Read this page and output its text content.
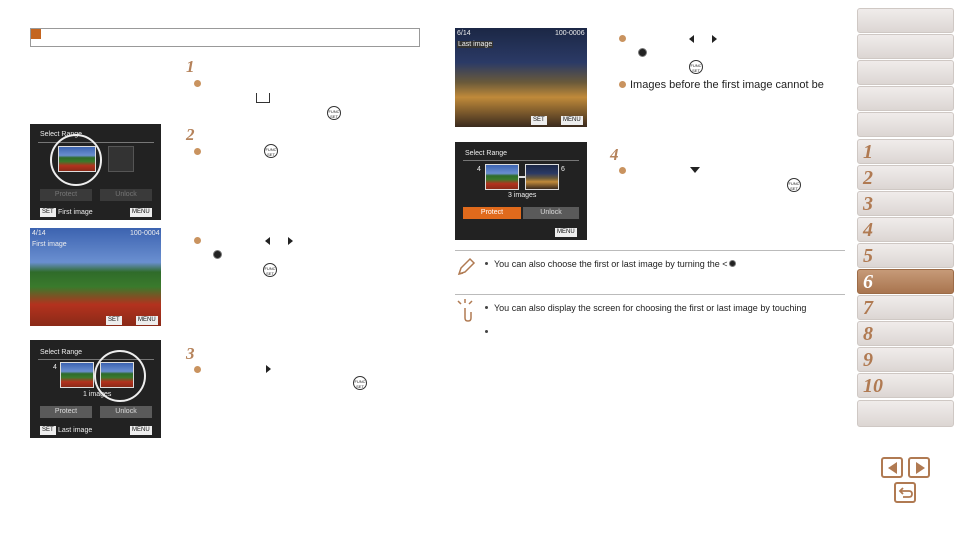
1
FUNC SET
Select Range
Protect	Unlock
SET First image	MENU
2
FUNC SET
4/14	100-0004
First image
SET	MENU
FUNC SET
Select Range
4
1 images
Protect	Unlock
SET Last image	MENU
3
FUNC SET
6/14	100-0006
Last image
SET	MENU
FUNC SET
Images before the first image cannot be
Select Range
4	6
3 images
Protect	Unlock
MENU
4
FUNC SET
You can also choose the first or last image by turning the <
You can also display the screen for choosing the first or last image by touching
1
2
3
4
5
6
7
8
9
10
